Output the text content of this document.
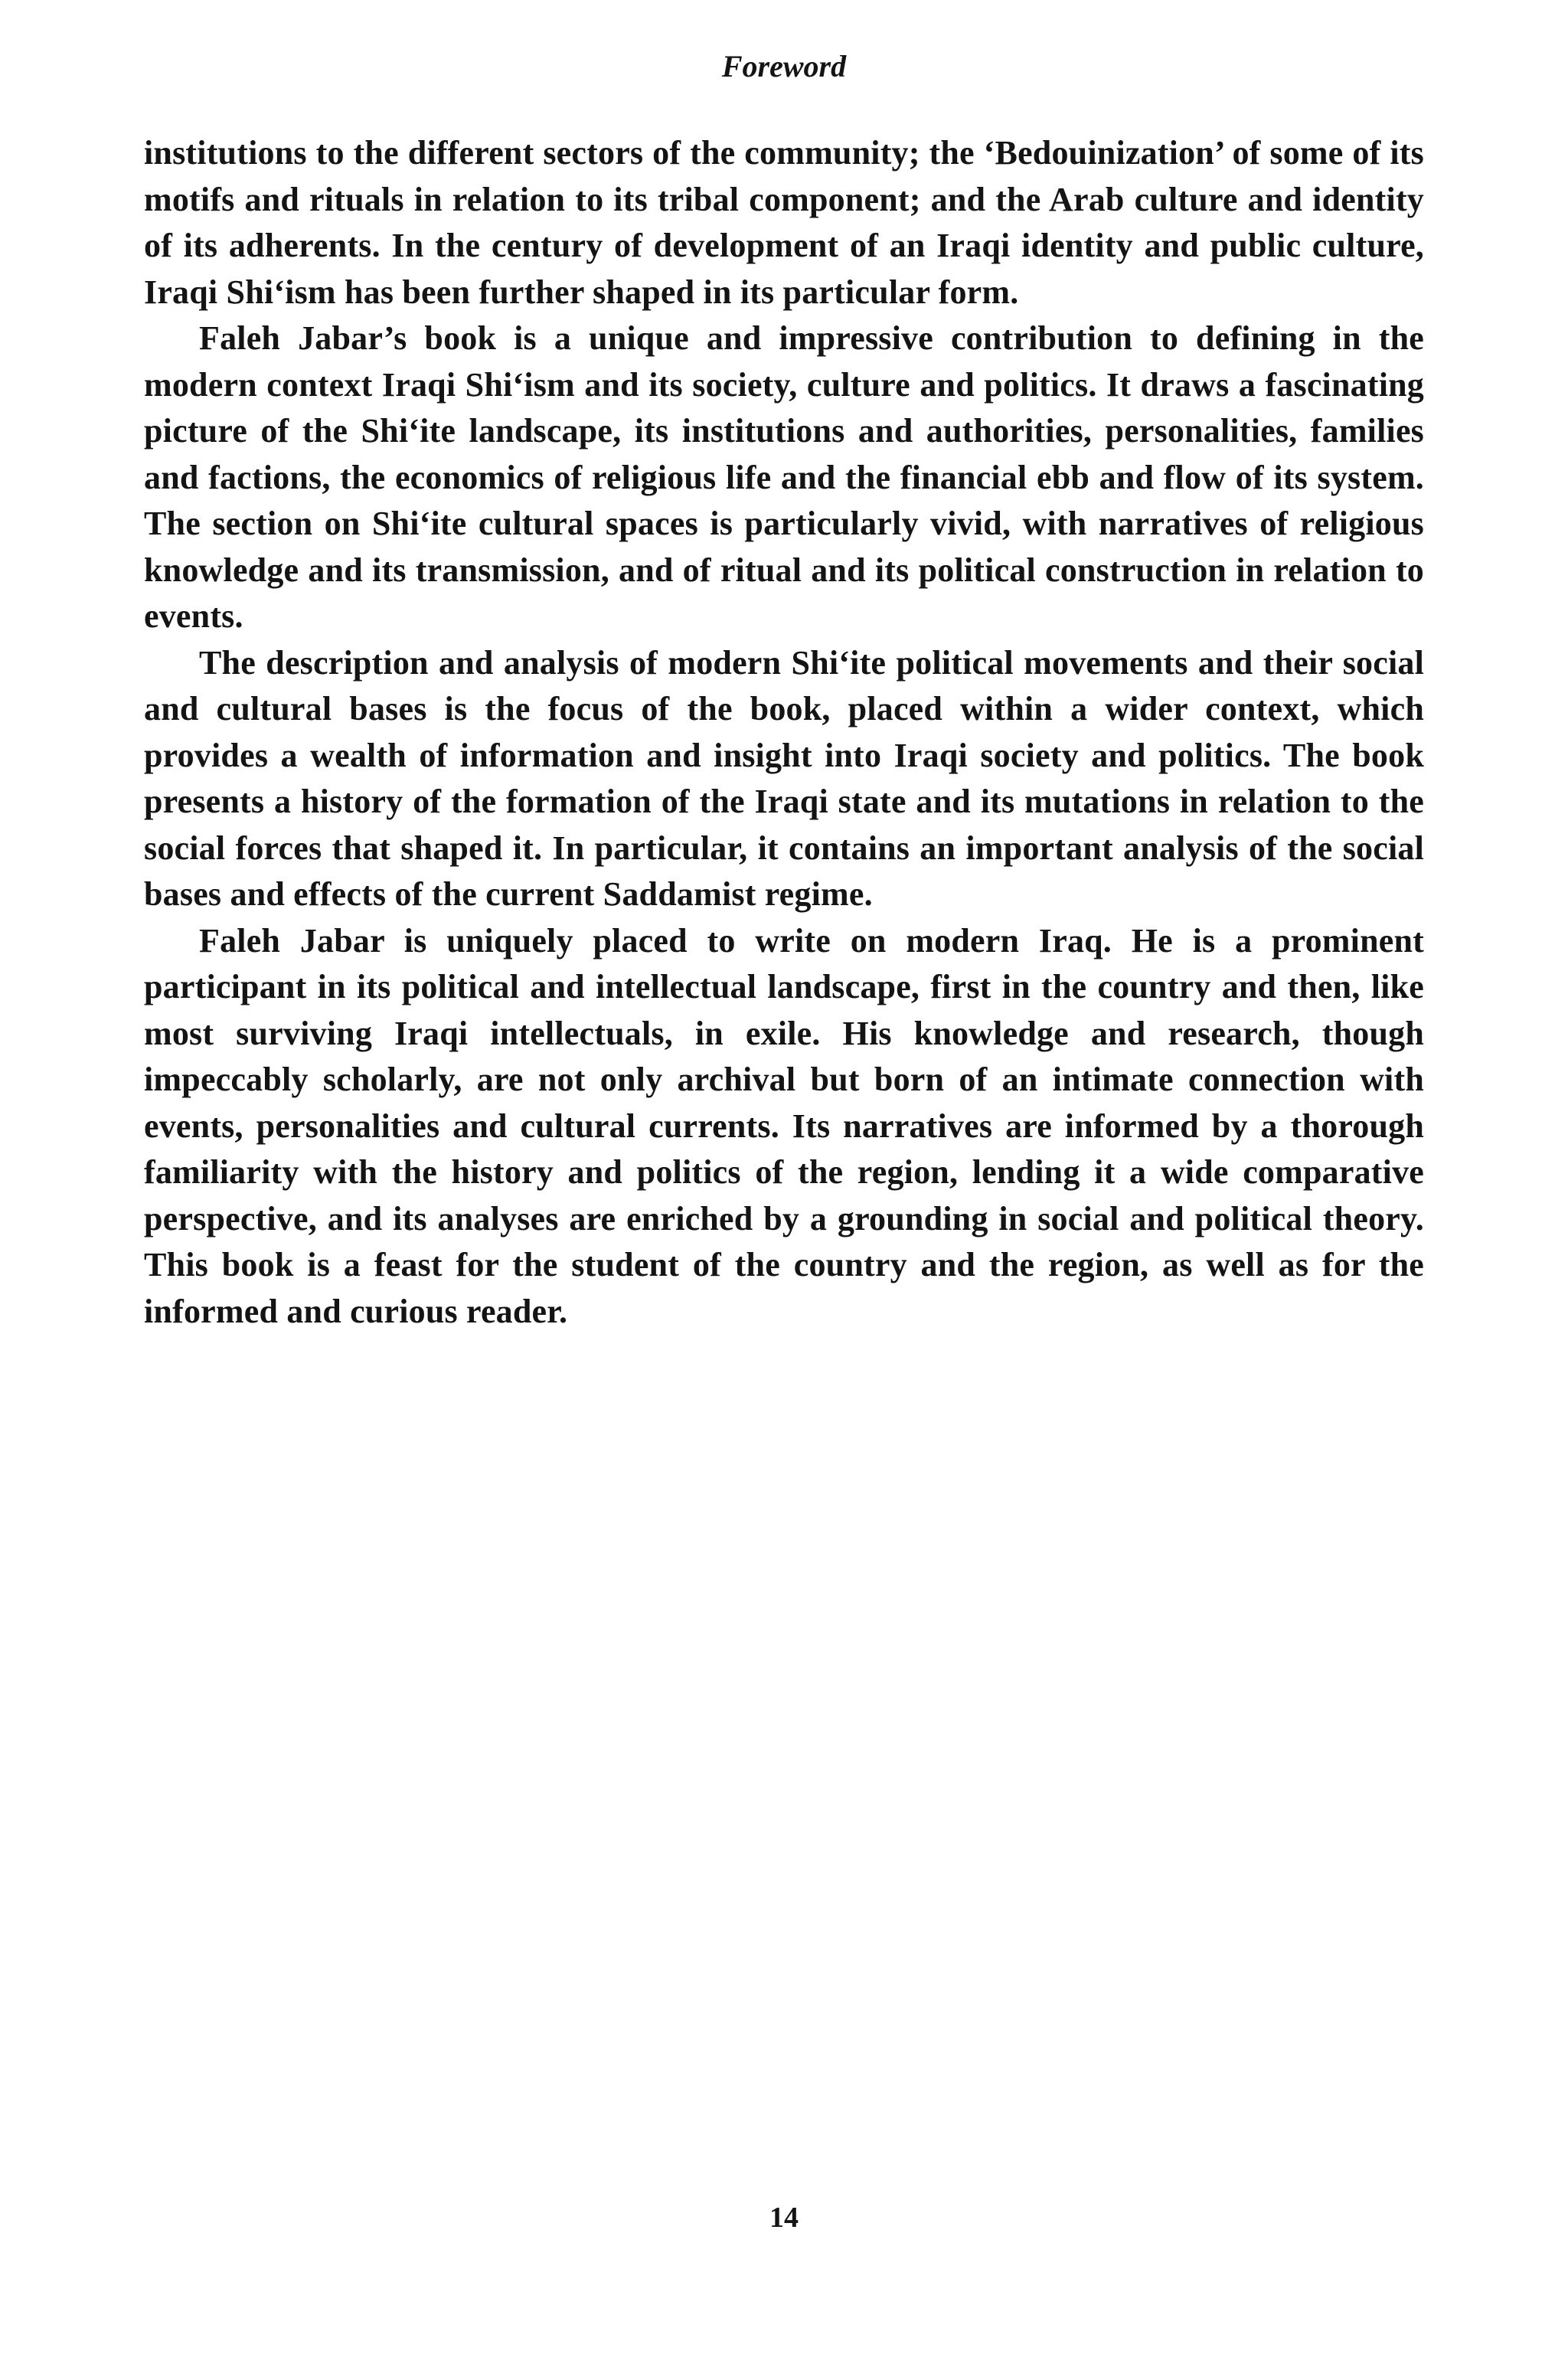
Foreword

institutions to the different sectors of the community; the ‘Bedouinization’ of some of its motifs and rituals in relation to its tribal component; and the Arab culture and identity of its adherents. In the century of development of an Iraqi identity and public culture, Iraqi Shi‘ism has been further shaped in its particular form.

Faleh Jabar’s book is a unique and impressive contribution to defining in the modern context Iraqi Shi‘ism and its society, culture and politics. It draws a fascinating picture of the Shi‘ite landscape, its institutions and authorities, personalities, families and factions, the economics of religious life and the financial ebb and flow of its system. The section on Shi‘ite cultural spaces is particularly vivid, with narratives of religious knowledge and its transmission, and of ritual and its political construction in relation to events.

The description and analysis of modern Shi‘ite political movements and their social and cultural bases is the focus of the book, placed within a wider context, which provides a wealth of information and insight into Iraqi society and politics. The book presents a history of the formation of the Iraqi state and its mutations in relation to the social forces that shaped it. In particular, it contains an important analysis of the social bases and effects of the current Saddamist regime.

Faleh Jabar is uniquely placed to write on modern Iraq. He is a prominent participant in its political and intellectual landscape, first in the country and then, like most surviving Iraqi intellectuals, in exile. His knowledge and research, though impeccably scholarly, are not only archival but born of an intimate connection with events, personalities and cultural currents. Its narratives are informed by a thorough familiarity with the history and politics of the region, lending it a wide comparative perspective, and its analyses are enriched by a grounding in social and political theory. This book is a feast for the student of the country and the region, as well as for the informed and curious reader.

14
